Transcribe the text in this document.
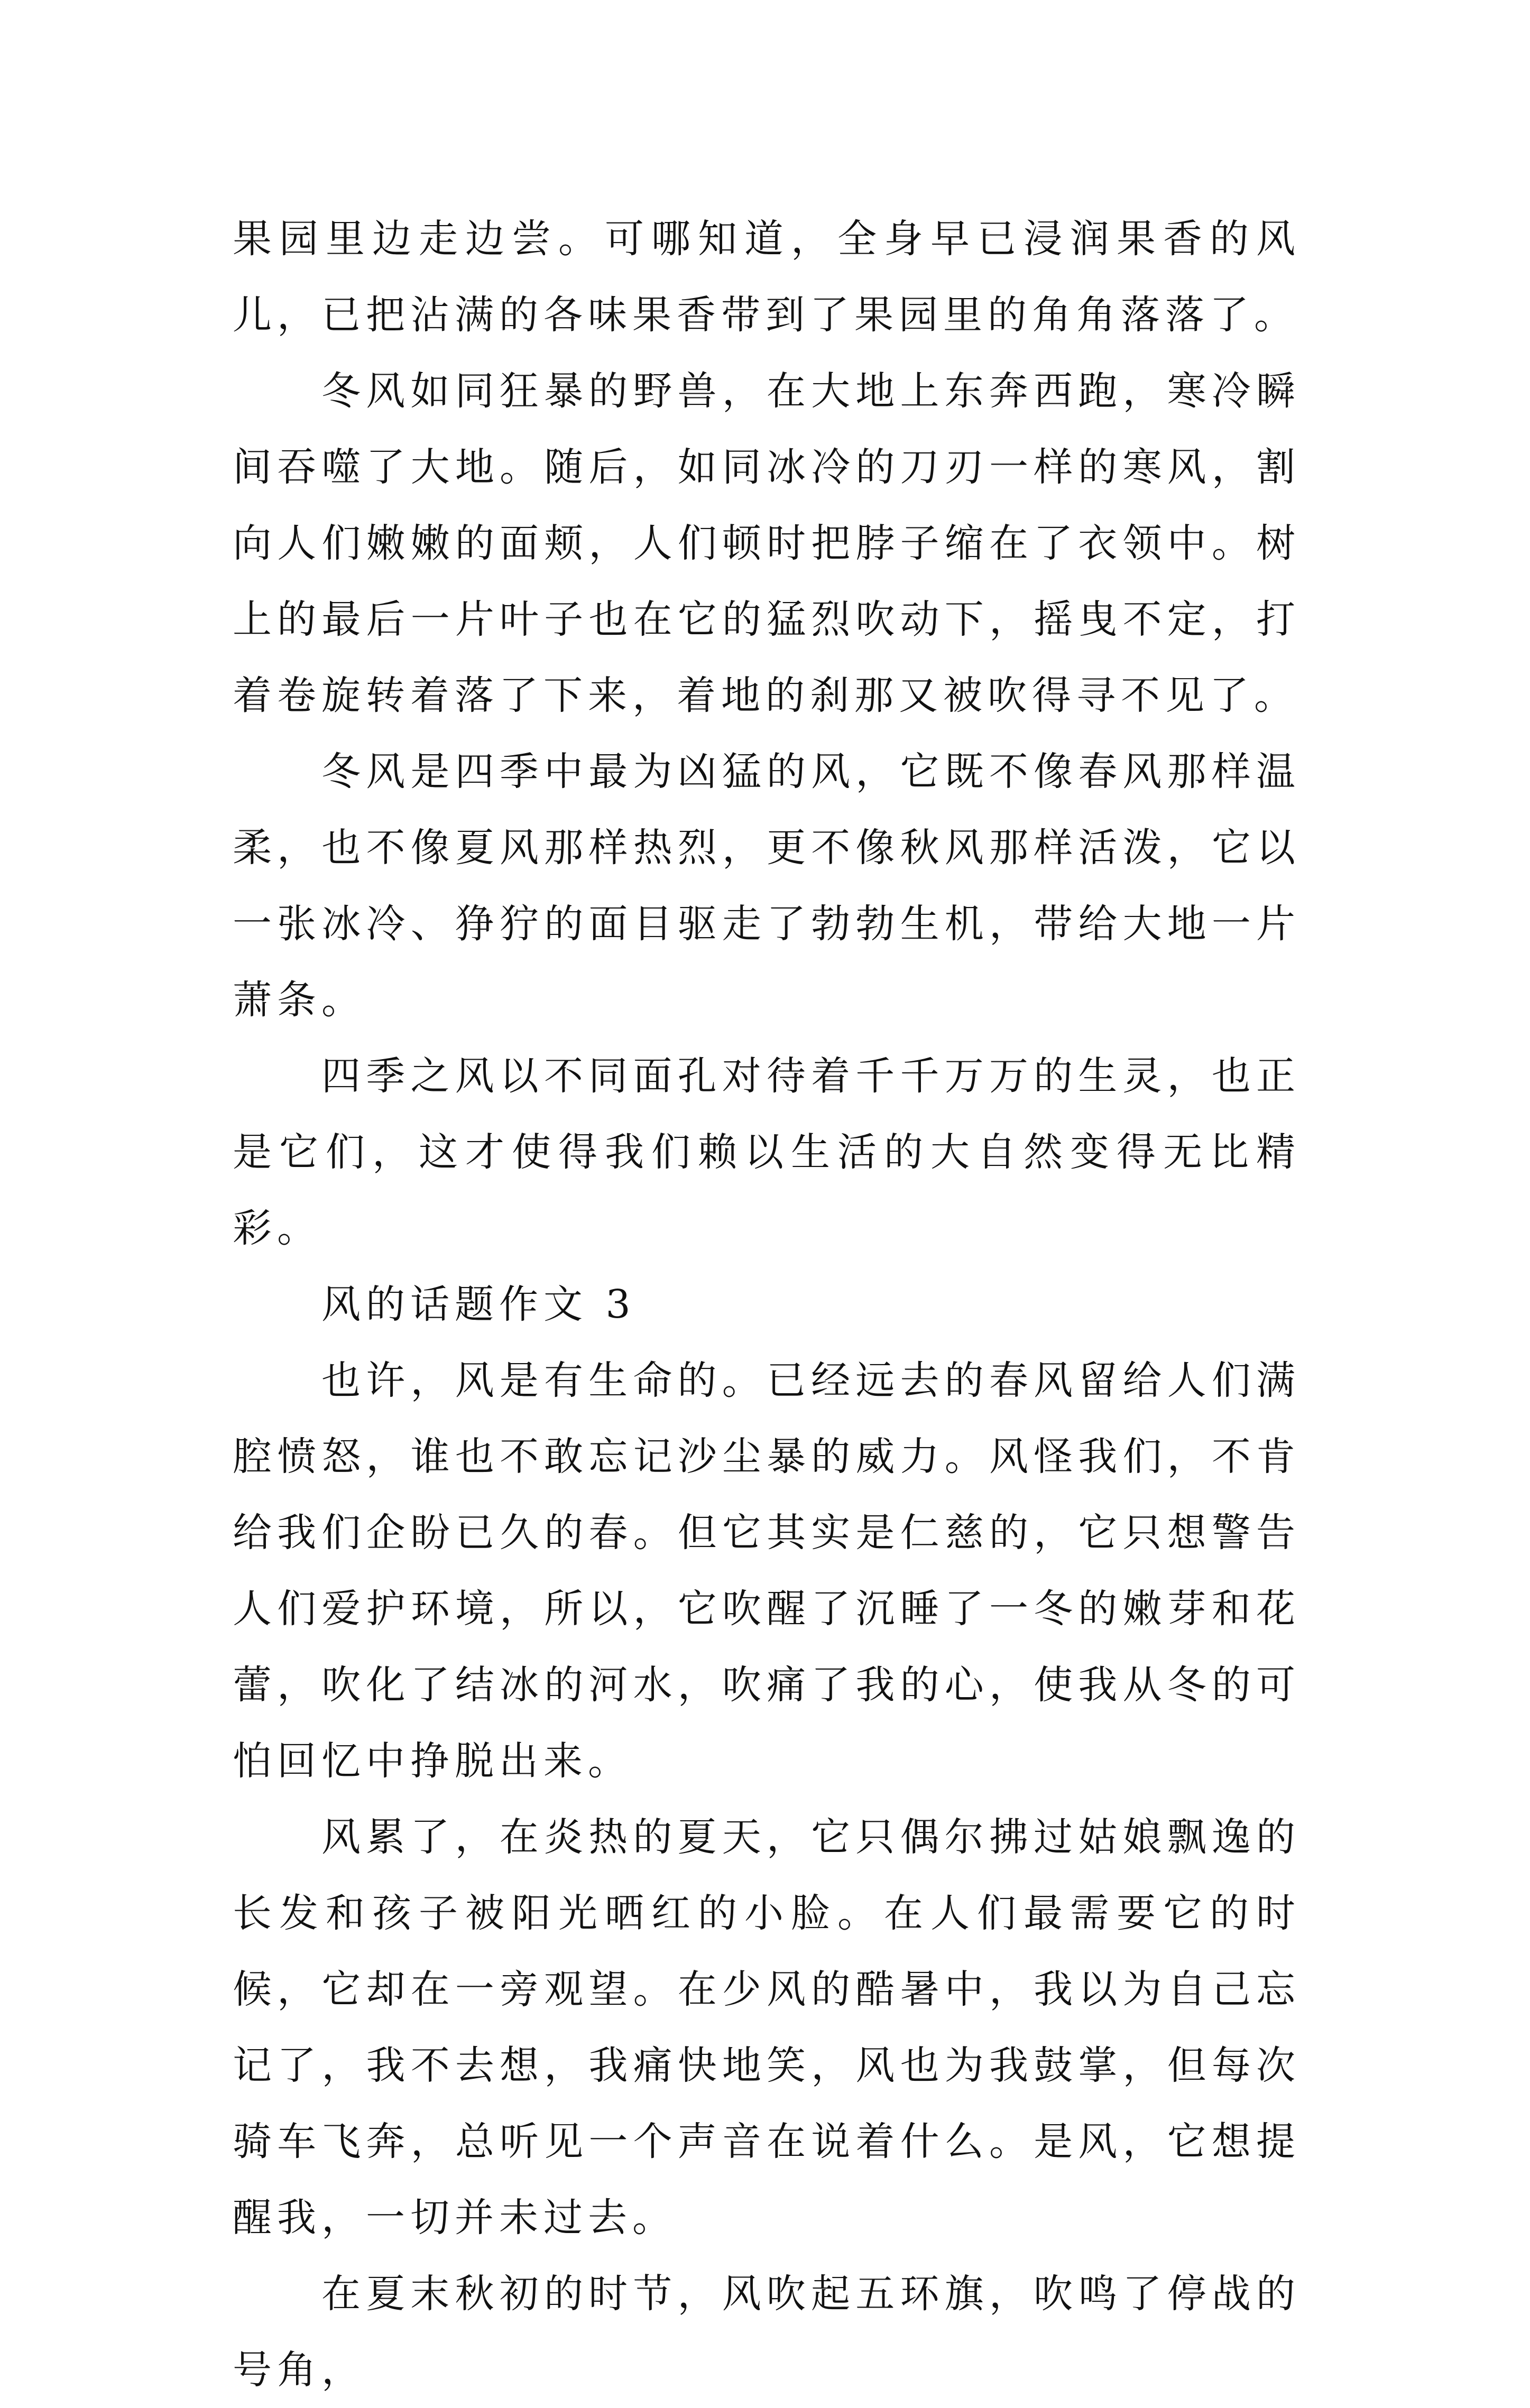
果园里边走边尝。可哪知道，全身早已浸润果香的风儿，已把沾满的各味果香带到了果园里的角角落落了。

冬风如同狂暴的野兽，在大地上东奔西跑，寒冷瞬间吞噬了大地。随后，如同冰冷的刀刃一样的寒风，割向人们嫩嫩的面颊，人们顿时把脖子缩在了衣领中。树上的最后一片叶子也在它的猛烈吹动下，摇曳不定，打着卷旋转着落了下来，着地的刹那又被吹得寻不见了。

冬风是四季中最为凶猛的风，它既不像春风那样温柔，也不像夏风那样热烈，更不像秋风那样活泼，它以一张冰冷、狰狞的面目驱走了勃勃生机，带给大地一片萧条。

四季之风以不同面孔对待着千千万万的生灵，也正是它们，这才使得我们赖以生活的大自然变得无比精彩。

风的话题作文 3

也许，风是有生命的。已经远去的春风留给人们满腔愤怒，谁也不敢忘记沙尘暴的威力。风怪我们，不肯给我们企盼已久的春。但它其实是仁慈的，它只想警告人们爱护环境，所以，它吹醒了沉睡了一冬的嫩芽和花蕾，吹化了结冰的河水，吹痛了我的心，使我从冬的可怕回忆中挣脱出来。

风累了，在炎热的夏天，它只偶尔拂过姑娘飘逸的长发和孩子被阳光晒红的小脸。在人们最需要它的时候，它却在一旁观望。在少风的酷暑中，我以为自己忘记了，我不去想，我痛快地笑，风也为我鼓掌，但每次骑车飞奔，总听见一个声音在说着什么。是风，它想提醒我，一切并未过去。

在夏末秋初的时节，风吹起五环旗，吹鸣了停战的号角，
